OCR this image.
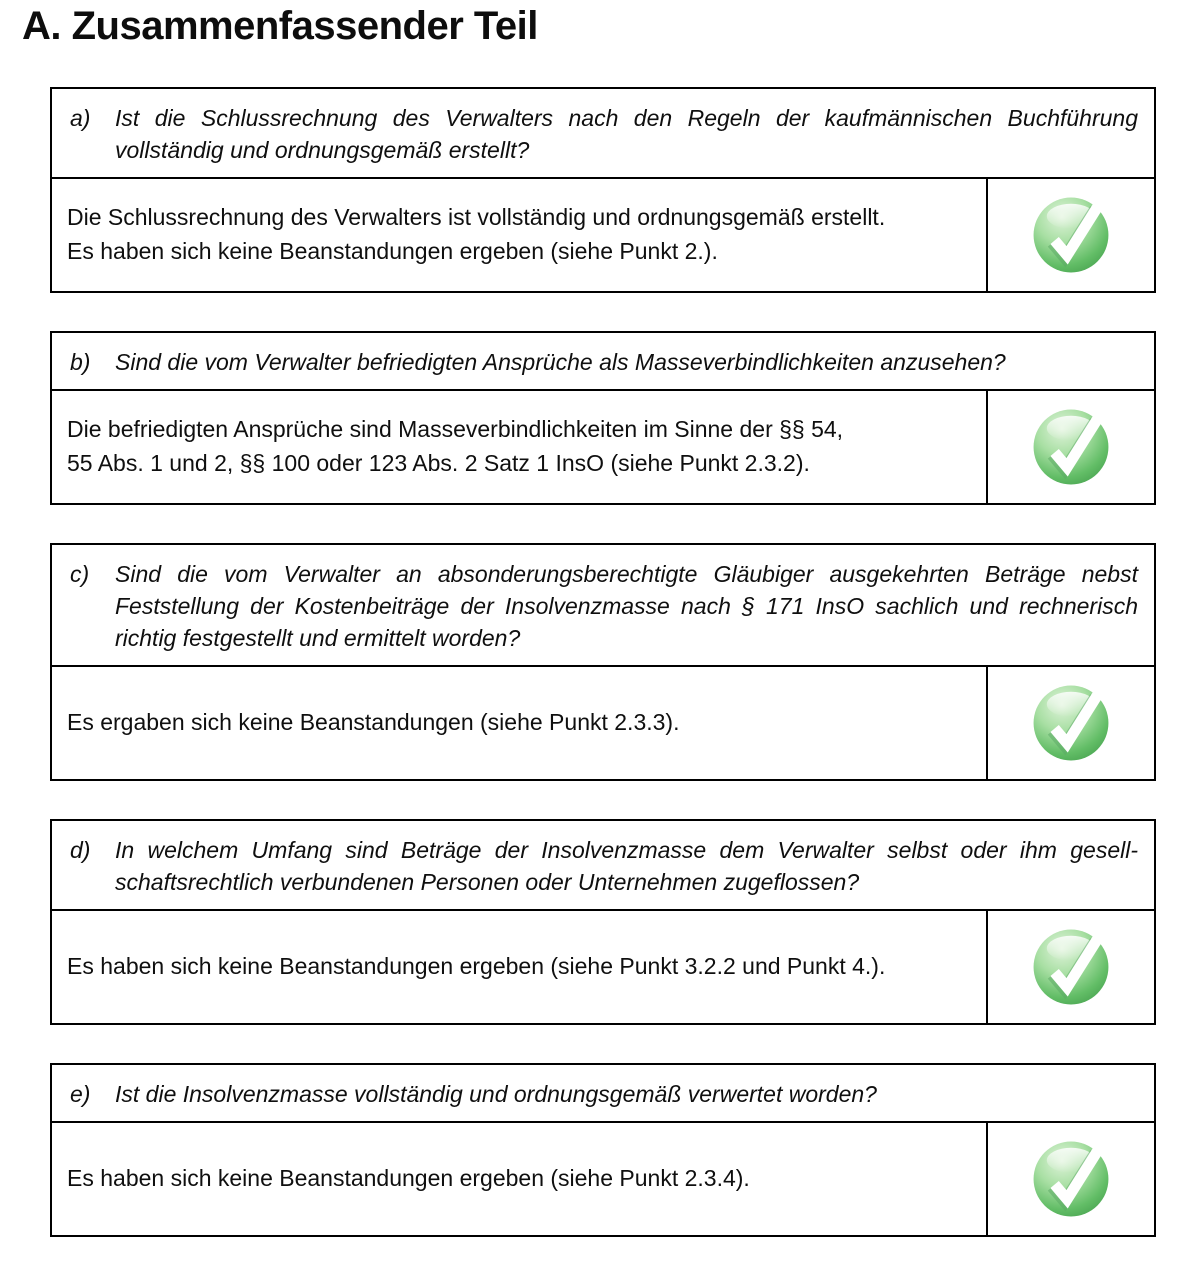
A. Zusammenfassender Teil
a)	Ist die Schlussrechnung des Verwalters nach den Regeln der kaufmännischen Buchführung
vollständig und ordnungsgemäß erstellt?
Die Schlussrechnung des Verwalters ist vollständig und ordnungsgemäß erstellt.
Es haben sich keine Beanstandungen ergeben (siehe Punkt 2.).
b)	Sind die vom Verwalter befriedigten Ansprüche als Masseverbindlichkeiten anzusehen?
Die befriedigten Ansprüche sind Masseverbindlichkeiten im Sinne der §§ 54,
55 Abs. 1 und 2, §§ 100 oder 123 Abs. 2 Satz 1 InsO (siehe Punkt 2.3.2).
c)	Sind die vom Verwalter an absonderungsberechtigte Gläubiger ausgekehrten Beträge nebst
Feststellung der Kostenbeiträge der Insolvenzmasse nach § 171 InsO sachlich und rechnerisch
richtig festgestellt und ermittelt worden?
Es ergaben sich keine Beanstandungen (siehe Punkt 2.3.3).
d)	In welchem Umfang sind Beträge der Insolvenzmasse dem Verwalter selbst oder ihm gesell-
schaftsrechtlich verbundenen Personen oder Unternehmen zugeflossen?
Es haben sich keine Beanstandungen ergeben (siehe Punkt 3.2.2 und Punkt 4.).
e)	Ist die Insolvenzmasse vollständig und ordnungsgemäß verwertet worden?
Es haben sich keine Beanstandungen ergeben (siehe Punkt 2.3.4).
